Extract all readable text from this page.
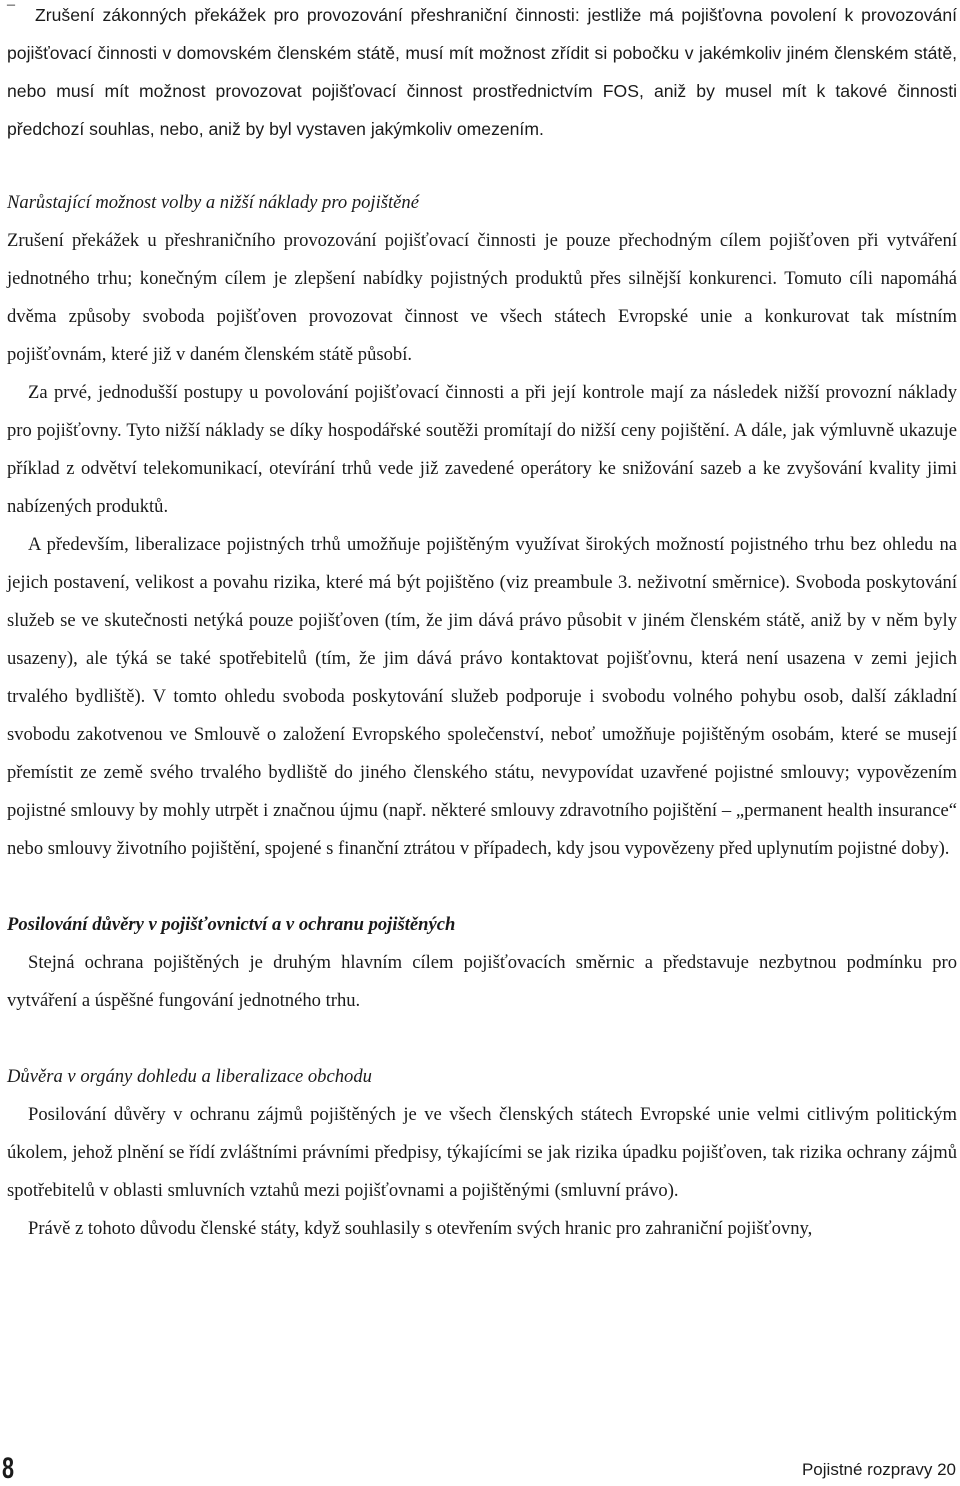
–
Zrušení zákonných překážek pro provozování přeshraniční činnosti: jestliže má pojišťovna povolení k provozování pojišťovací činnosti v domovském členském státě, musí mít možnost zřídit si pobočku v jakémkoliv jiném členském státě, nebo musí mít možnost provozovat pojišťovací činnost prostřednictvím FOS, aniž by musel mít k takové činnosti předchozí souhlas, nebo, aniž by byl vystaven jakýmkoliv omezením.
Narůstající možnost volby a nižší náklady pro pojištěné

Zrušení překážek u přeshraničního provozování pojišťovací činnosti je pouze přechodným cílem pojišťoven při vytváření jednotného trhu; konečným cílem je zlepšení nabídky pojistných produktů přes silnější konkurenci. Tomuto cíli napomáhá dvěma způsoby svoboda pojišťoven provozovat činnost ve všech státech Evropské unie a konkurovat tak místním pojišťovnám, které již v daném členském státě působí.

Za prvé, jednodušší postupy u povolování pojišťovací činnosti a při její kontrole mají za následek nižší provozní náklady pro pojišťovny. Tyto nižší náklady se díky hospodářské soutěži promítají do nižší ceny pojištění. A dále, jak výmluvně ukazuje příklad z odvětví telekomunikací, otevírání trhů vede již zavedené operátory ke snižování sazeb a ke zvyšování kvality jimi nabízených produktů.

A především, liberalizace pojistných trhů umožňuje pojištěným využívat širokých možností pojistného trhu bez ohledu na jejich postavení, velikost a povahu rizika, které má být pojištěno (viz preambule 3. neživotní směrnice). Svoboda poskytování služeb se ve skutečnosti netýká pouze pojišťoven (tím, že jim dává právo působit v jiném členském státě, aniž by v něm byly usazeny), ale týká se také spotřebitelů (tím, že jim dává právo kontaktovat pojišťovnu, která není usazena v zemi jejich trvalého bydliště). V tomto ohledu svoboda poskytování služeb podporuje i svobodu volného pohybu osob, další základní svobodu zakotvenou ve Smlouvě o založení Evropského společenství, neboť umožňuje pojištěným osobám, které se musejí přemístit ze země svého trvalého bydliště do jiného členského státu, nevypovídat uzavřené pojistné smlouvy; vypovězením pojistné smlouvy by mohly utrpět i značnou újmu (např. některé smlouvy zdravotního pojištění – „permanent health insurance“ nebo smlouvy životního pojištění, spojené s finanční ztrátou v případech, kdy jsou vypovězeny před uplynutím pojistné doby).

Posilování důvěry v pojišťovnictví a v ochranu pojištěných

Stejná ochrana pojištěných je druhým hlavním cílem pojišťovacích směrnic a představuje nezbytnou podmínku pro vytváření a úspěšné fungování jednotného trhu.

Důvěra v orgány dohledu a liberalizace obchodu

Posilování důvěry v ochranu zájmů pojištěných je ve všech členských státech Evropské unie velmi citlivým politickým úkolem, jehož plnění se řídí zvláštními právními předpisy, týkajícími se jak rizika úpadku pojišťoven, tak rizika ochrany zájmů spotřebitelů v oblasti smluvních vztahů mezi pojišťovnami a pojištěnými (smluvní právo).

Právě z tohoto důvodu členské státy, když souhlasily s otevřením svých hranic pro zahraniční pojišťovny,

8	Pojistné rozpravy 20
